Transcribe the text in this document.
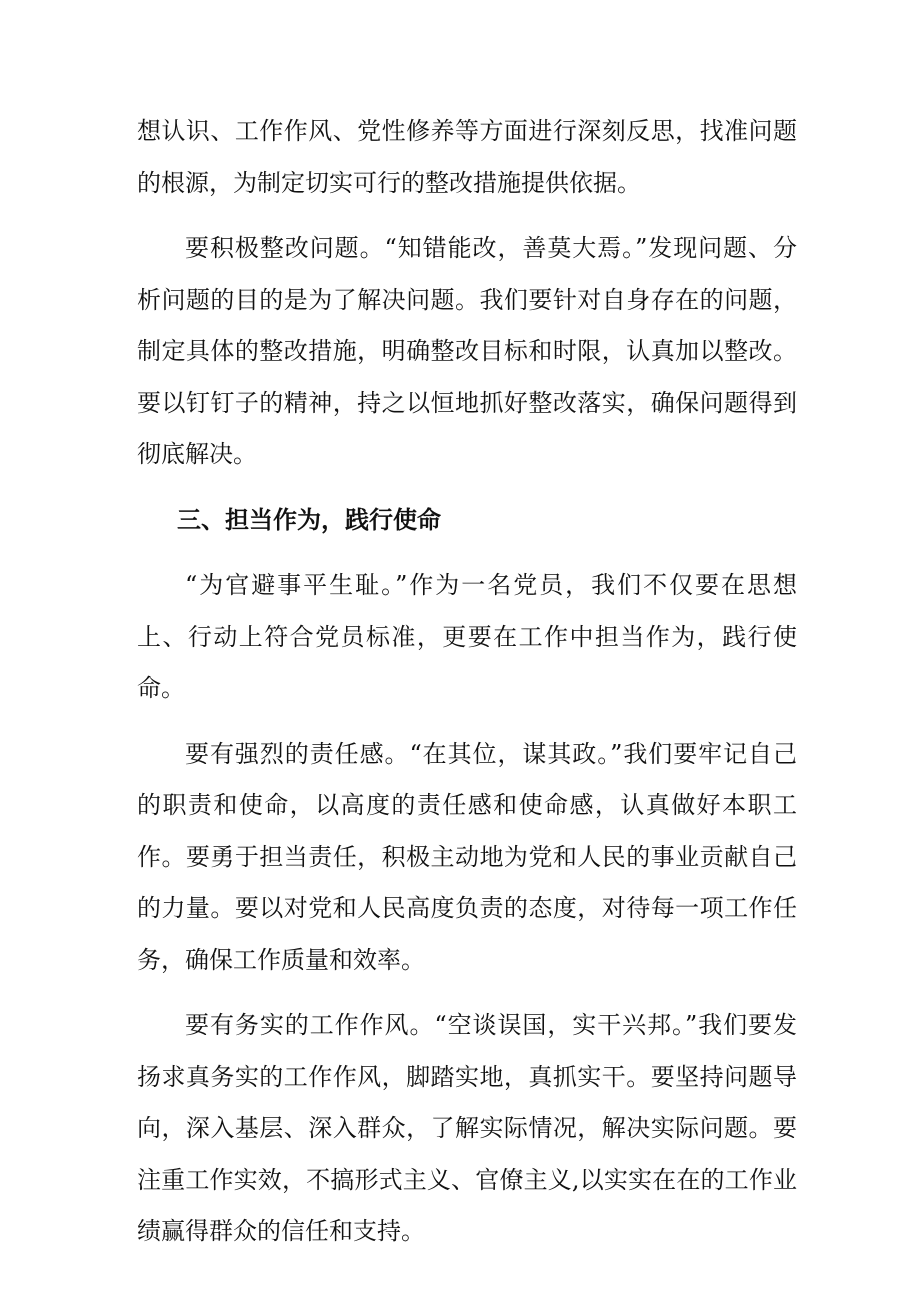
想认识、工作作风、党性修养等方面进行深刻反思，找准问题的根源，为制定切实可行的整改措施提供依据。

要积极整改问题。“知错能改，善莫大焉。”发现问题、分析问题的目的是为了解决问题。我们要针对自身存在的问题，制定具体的整改措施，明确整改目标和时限，认真加以整改。要以钉钉子的精神，持之以恒地抓好整改落实，确保问题得到彻底解决。

三、担当作为，践行使命

“为官避事平生耻。”作为一名党员，我们不仅要在思想上、行动上符合党员标准，更要在工作中担当作为，践行使命。

要有强烈的责任感。“在其位，谋其政。”我们要牢记自己的职责和使命，以高度的责任感和使命感，认真做好本职工作。要勇于担当责任，积极主动地为党和人民的事业贡献自己的力量。要以对党和人民高度负责的态度，对待每一项工作任务，确保工作质量和效率。

要有务实的工作作风。“空谈误国，实干兴邦。”我们要发扬求真务实的工作作风，脚踏实地，真抓实干。要坚持问题导向，深入基层、深入群众，了解实际情况，解决实际问题。要注重工作实效，不搞形式主义、官僚主义,以实实在在的工作业绩赢得群众的信任和支持。
